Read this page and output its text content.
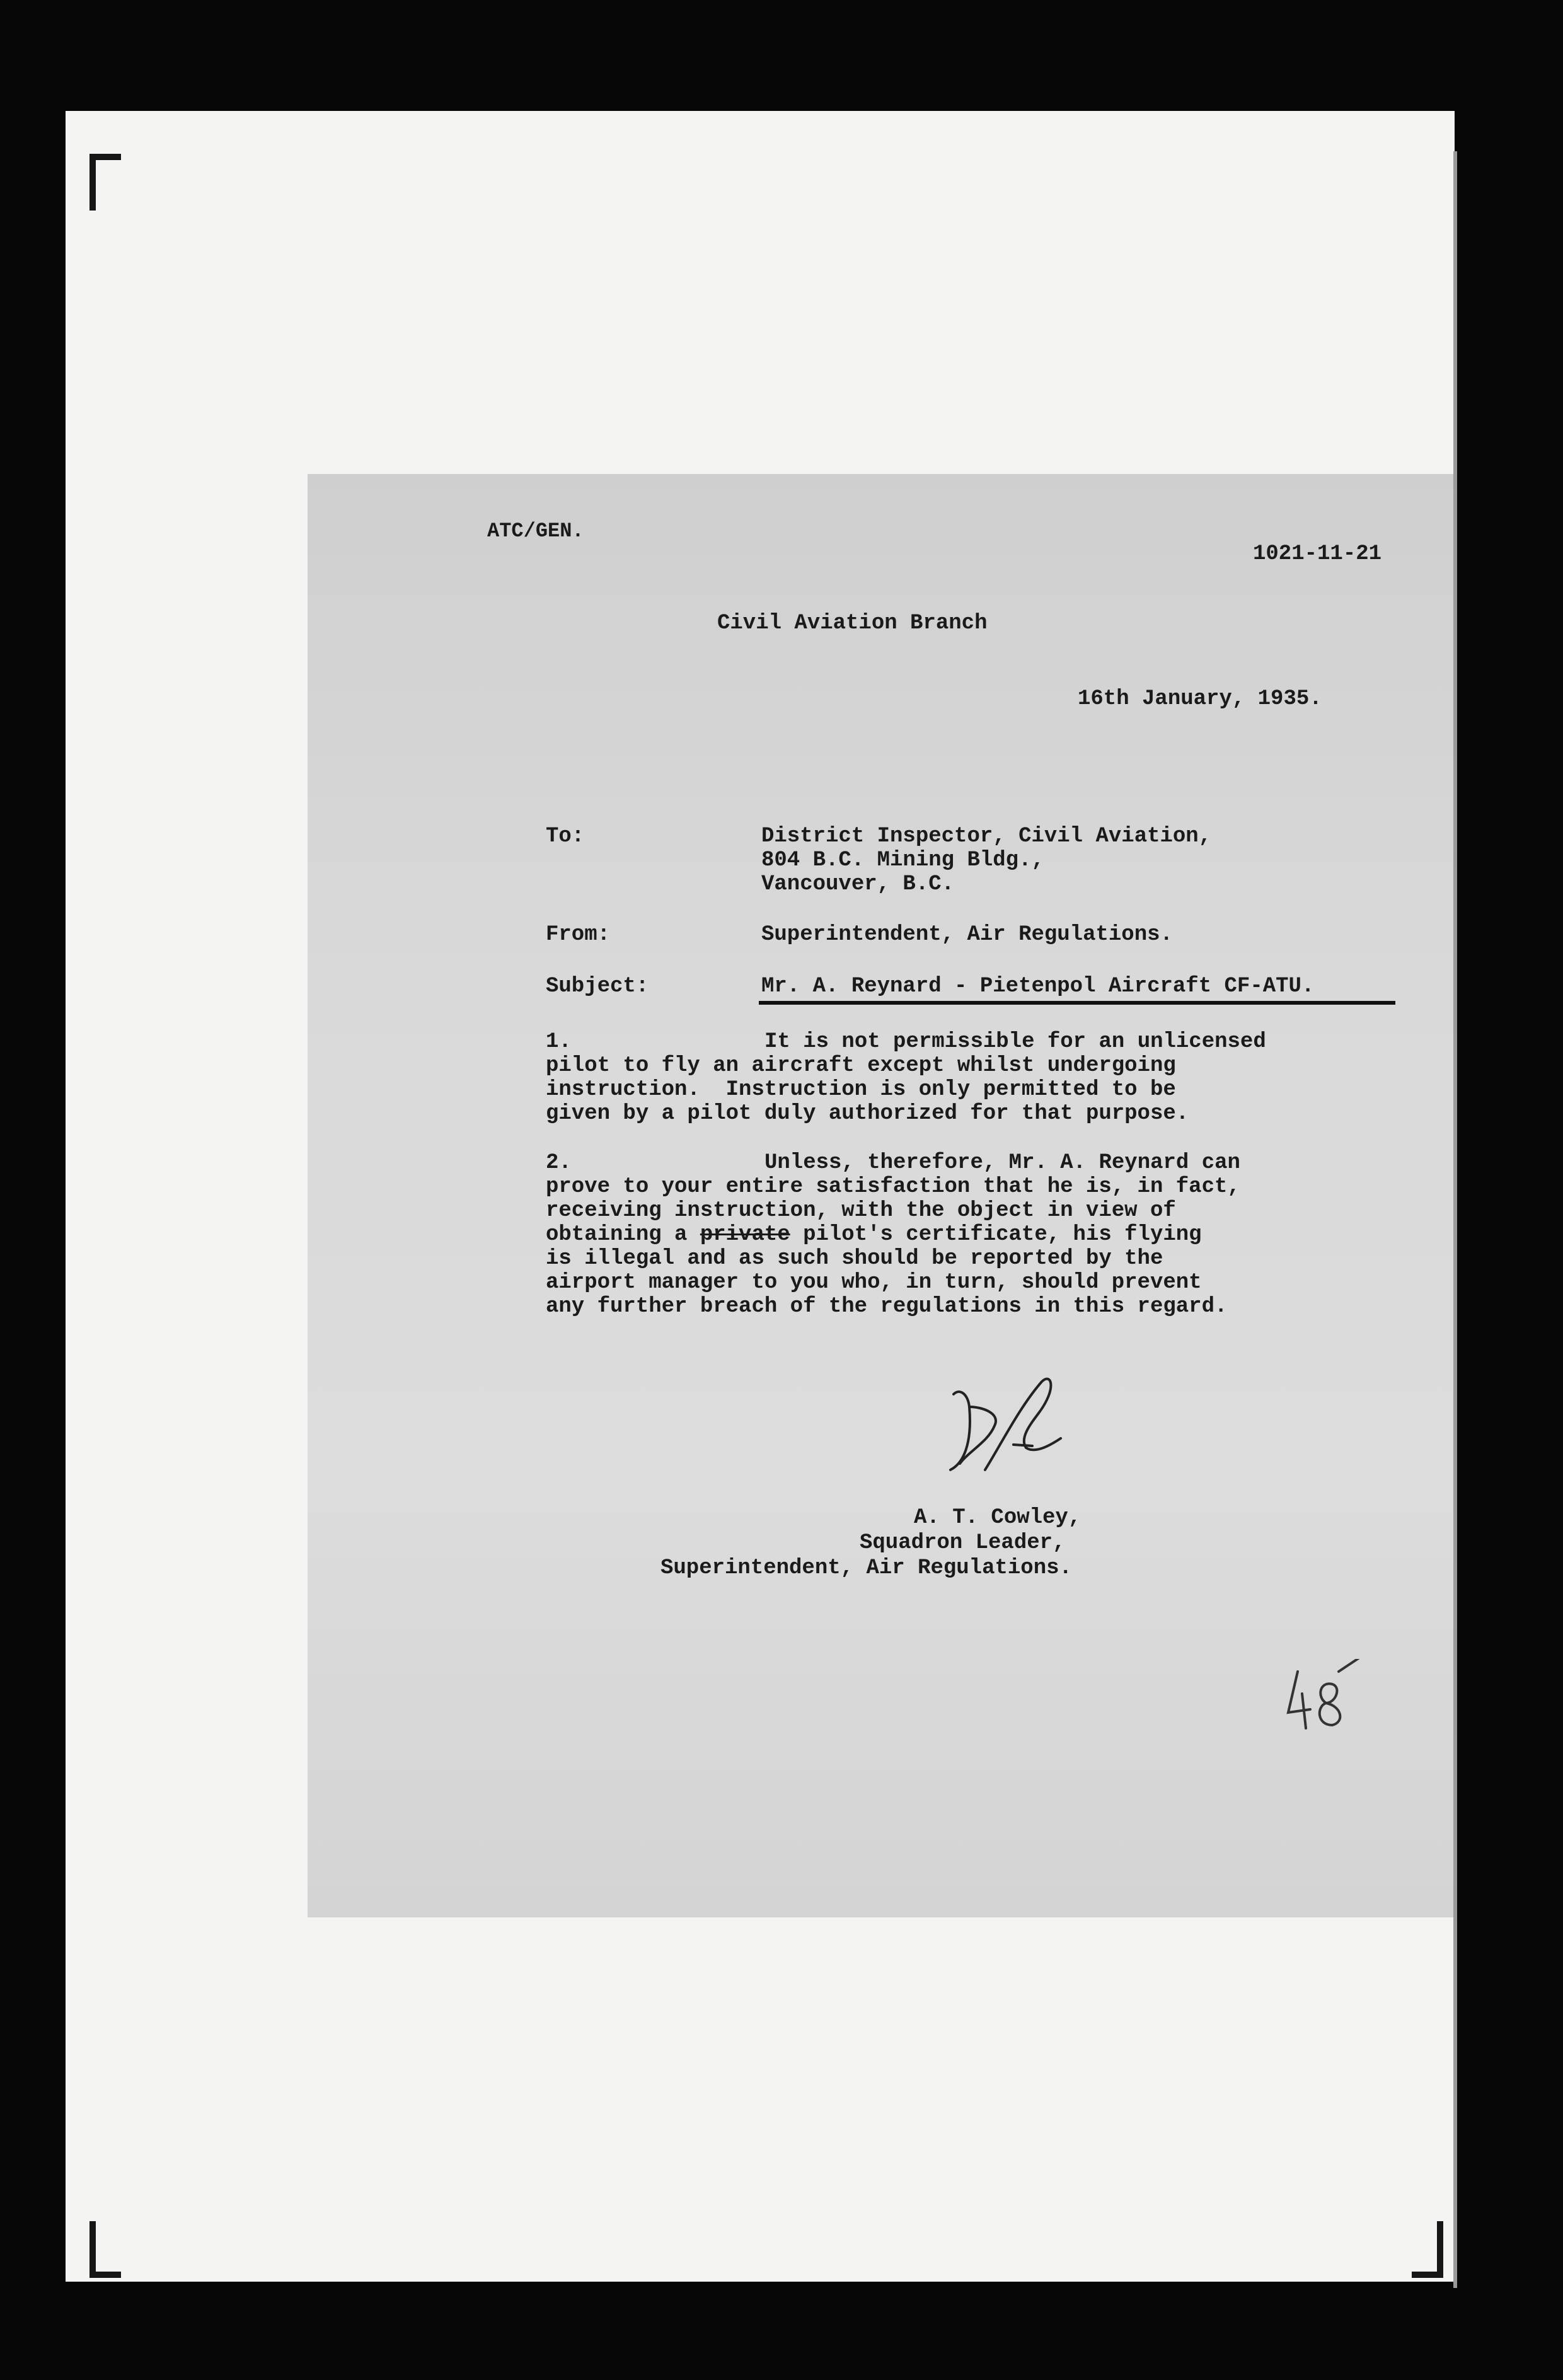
ATC/GEN.
1021-11-21
Civil Aviation Branch
16th January, 1935.
To:	District Inspector, Civil Aviation,
804 B.C. Mining Bldg.,
Vancouver, B.C.
From:	Superintendent, Air Regulations.
Subject:	Mr. A. Reynard - Pietenpol Aircraft CF-ATU.
1.	It is not permissible for an unlicensed
pilot to fly an aircraft except whilst undergoing
instruction.  Instruction is only permitted to be
given by a pilot duly authorized for that purpose.
2.	Unless, therefore, Mr. A. Reynard can
prove to your entire satisfaction that he is, in fact,
receiving instruction, with the object in view of
obtaining a private pilot's certificate, his flying
is illegal and as such should be reported by the
airport manager to you who, in turn, should prevent
any further breach of the regulations in this regard.
A. T. Cowley,
Squadron Leader,
Superintendent, Air Regulations.
